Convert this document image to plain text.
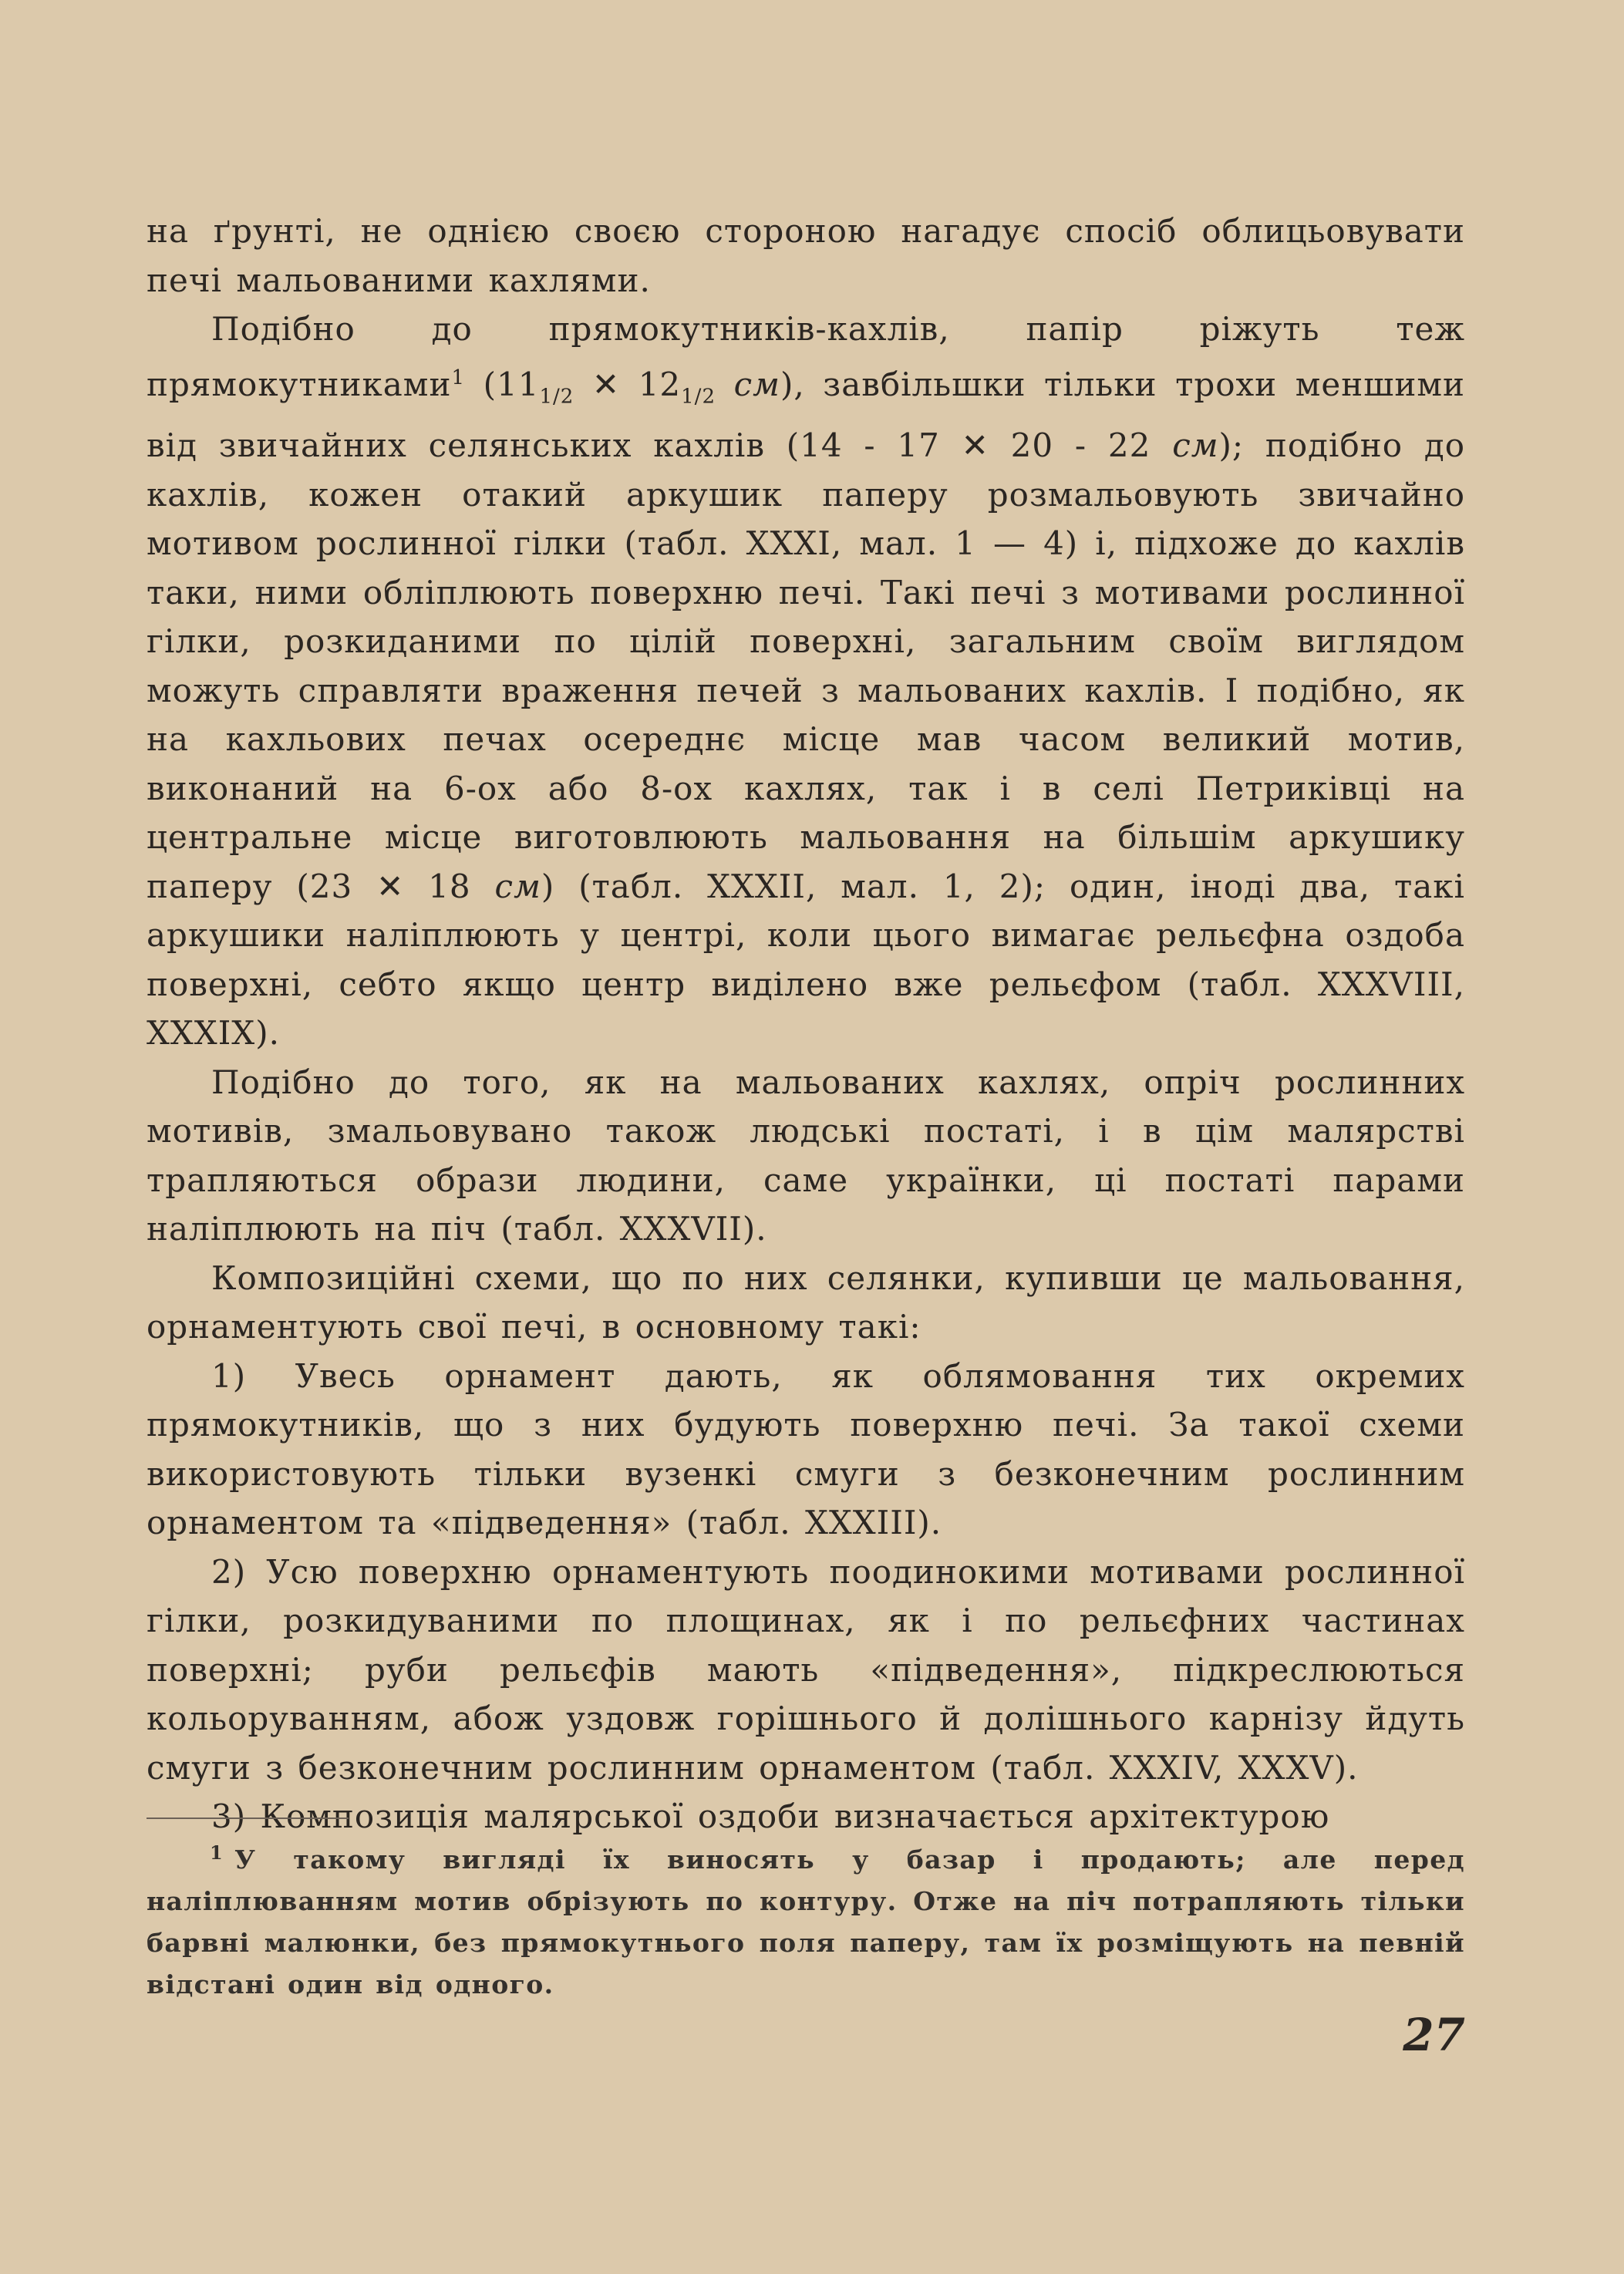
на ґрунті, не однією своєю стороною нагадує спосіб облицьовувати печі мальованими кахлями.

Подібно до прямокутників-кахлів, папір ріжуть теж прямокутниками$^1$ ($11_{1/2}$ ✕ $12_{1/2}$ см), завбільшки тільки трохи меншими від звичайних селянських кахлів (14 - 17 ✕ 20 - 22 см); подібно до кахлів, кожен отакий аркушик паперу розмальовують звичайно мотивом рослинної гілки (табл. XXXI, мал. 1 — 4) і, підхоже до кахлів таки, ними обліплюють поверхню печі. Такі печі з мотивами рослинної гілки, розкиданими по цілій поверхні, загальним своїм виглядом можуть справляти враження печей з мальованих кахлів. І подібно, як на кахльових печах осереднє місце мав часом великий мотив, виконаний на 6-ох або 8-ох кахлях, так і в селі Петриківці на центральне місце виготовлюють мальовання на більшім аркушику паперу (23 ✕ 18 см) (табл. XXXII, мал. 1, 2); один, іноді два, такі аркушики наліплюють у центрі, коли цього вимагає рельєфна оздоба поверхні, себто якщо центр виділено вже рельєфом (табл. XXXVIII, XXXIX).

Подібно до того, як на мальованих кахлях, опріч рослинних мотивів, змальовувано також людські постаті, і в цім малярстві трапляються образи людини, саме українки, ці постаті парами наліплюють на піч (табл. XXXVII).

Композиційні схеми, що по них селянки, купивши це мальовання, орнаментують свої печі, в основному такі:

1) Увесь орнамент дають, як облямовання тих окремих прямокутників, що з них будують поверхню печі. За такої схеми використовують тільки вузенкі смуги з безконечним рослинним орнаментом та «підведення» (табл. XXXIII).

2) Усю поверхню орнаментують поодинокими мотивами рослинної гілки, розкидуваними по площинах, як і по рельєфних частинах поверхні; руби рельєфів мають «підведення», підкреслюються кольоруванням, абож уздовж горішнього й долішнього карнізу йдуть смуги з безконечним рослинним орнаментом (табл. XXXIV, XXXV).

3) Композиція малярської оздоби визначається архітектурою

$^1$ У такому вигляді їх виносять у базар і продають; але перед наліплюванням мотив обрізують по контуру. Отже на піч потрапляють тільки барвні малюнки, без прямокутнього поля паперу, там їх розміщують на певній відстані один від одного.

27
